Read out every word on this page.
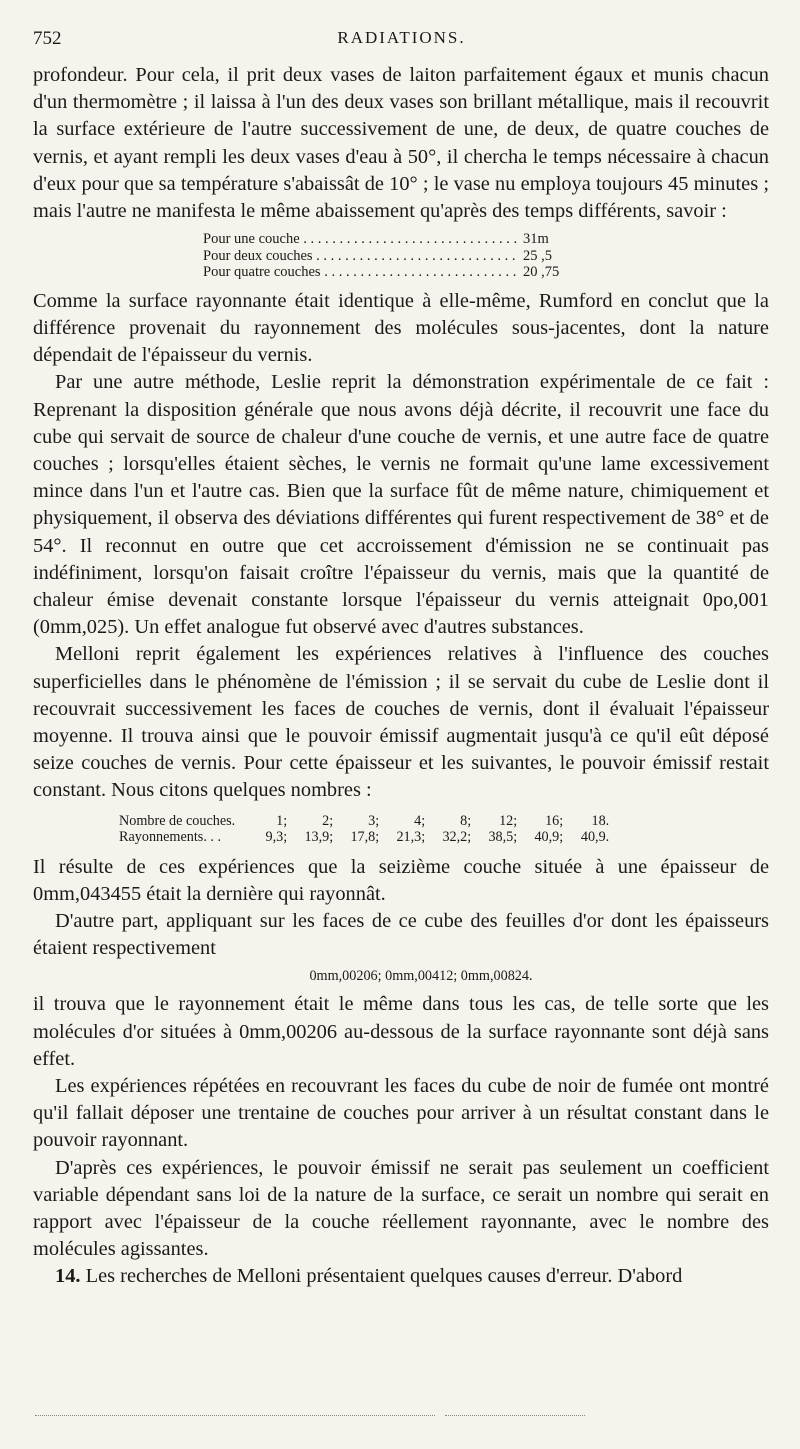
752	RADIATIONS.

profondeur. Pour cela, il prit deux vases de laiton parfaitement égaux et munis chacun d'un thermomètre ; il laissa à l'un des deux vases son brillant métallique, mais il recouvrit la surface extérieure de l'autre successivement de une, de deux, de quatre couches de vernis, et ayant rempli les deux vases d'eau à 50°, il chercha le temps nécessaire à chacun d'eux pour que sa température s'abaissât de 10° ; le vase nu employa toujours 45 minutes ; mais l'autre ne manifesta le même abaissement qu'après des temps différents, savoir :

Pour une couche . . .	31m
Pour deux couches . . .	25 ,5
Pour quatre couches . . .	20 ,75

Comme la surface rayonnante était identique à elle-même, Rumford en conclut que la différence provenait du rayonnement des molécules sous-jacentes, dont la nature dépendait de l'épaisseur du vernis.

Par une autre méthode, Leslie reprit la démonstration expérimentale de ce fait : Reprenant la disposition générale que nous avons déjà décrite, il recouvrit une face du cube qui servait de source de chaleur d'une couche de vernis, et une autre face de quatre couches ; lorsqu'elles étaient sèches, le vernis ne formait qu'une lame excessivement mince dans l'un et l'autre cas. Bien que la surface fût de même nature, chimiquement et physiquement, il observa des déviations différentes qui furent respectivement de 38° et de 54°. Il reconnut en outre que cet accroissement d'émission ne se continuait pas indéfiniment, lorsqu'on faisait croître l'épaisseur du vernis, mais que la quantité de chaleur émise devenait constante lorsque l'épaisseur du vernis atteignait 0po,001 (0mm,025). Un effet analogue fut observé avec d'autres substances.

Melloni reprit également les expériences relatives à l'influence des couches superficielles dans le phénomène de l'émission ; il se servait du cube de Leslie dont il recouvrait successivement les faces de couches de vernis, dont il évaluait l'épaisseur moyenne. Il trouva ainsi que le pouvoir émissif augmentait jusqu'à ce qu'il eût déposé seize couches de vernis. Pour cette épaisseur et les suivantes, le pouvoir émissif restait constant. Nous citons quelques nombres :

Nombre de couches.	1;	2;	3;	4;	8;	12;	16;	18.
Rayonnements. . .	9,3;	13,9;	17,8;	21,3;	32,2;	38,5;	40,9;	40,9.

Il résulte de ces expériences que la seizième couche située à une épaisseur de 0mm,043455 était la dernière qui rayonnât.

D'autre part, appliquant sur les faces de ce cube des feuilles d'or dont les épaisseurs étaient respectivement

0mm,00206; 0mm,00412; 0mm,00824.

il trouva que le rayonnement était le même dans tous les cas, de telle sorte que les molécules d'or situées à 0mm,00206 au-dessous de la surface rayonnante sont déjà sans effet.

Les expériences répétées en recouvrant les faces du cube de noir de fumée ont montré qu'il fallait déposer une trentaine de couches pour arriver à un résultat constant dans le pouvoir rayonnant.

D'après ces expériences, le pouvoir émissif ne serait pas seulement un coefficient variable dépendant sans loi de la nature de la surface, ce serait un nombre qui serait en rapport avec l'épaisseur de la couche réellement rayonnante, avec le nombre des molécules agissantes.

14. Les recherches de Melloni présentaient quelques causes d'erreur. D'abord
